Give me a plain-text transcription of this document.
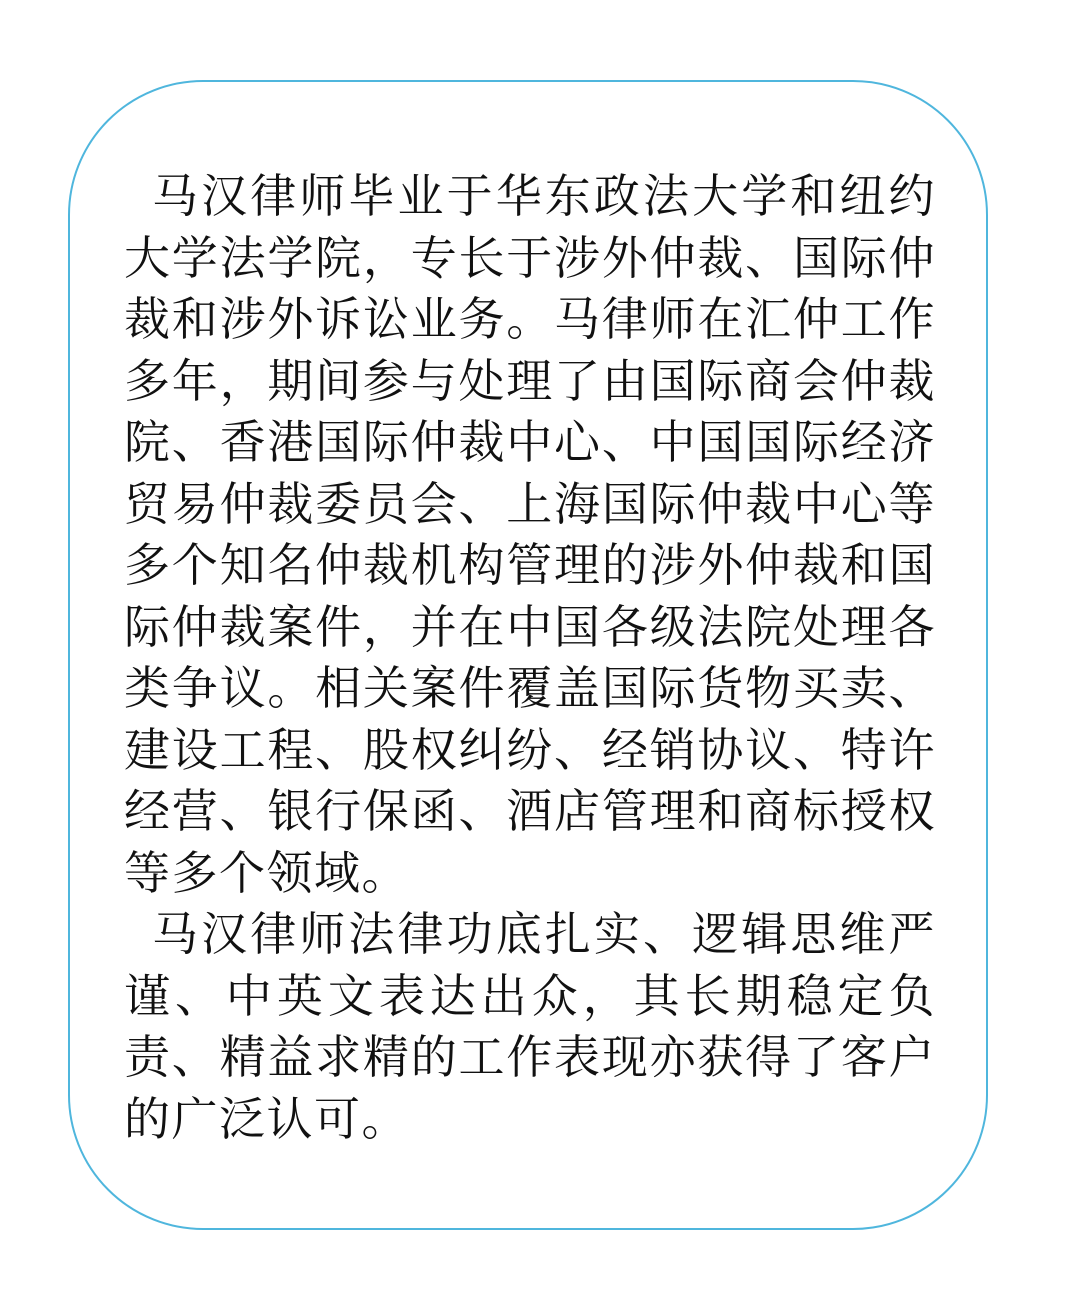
马汉律师毕业于华东政法大学和纽约大学法学院，专长于涉外仲裁、国际仲裁和涉外诉讼业务。马律师在汇仲工作多年，期间参与处理了由国际商会仲裁院、香港国际仲裁中心、中国国际经济贸易仲裁委员会、上海国际仲裁中心等多个知名仲裁机构管理的涉外仲裁和国际仲裁案件，并在中国各级法院处理各类争议。相关案件覆盖国际货物买卖、建设工程、股权纠纷、经销协议、特许经营、银行保函、酒店管理和商标授权等多个领域。

马汉律师法律功底扎实、逻辑思维严谨、中英文表达出众，其长期稳定负责、精益求精的工作表现亦获得了客户的广泛认可。
